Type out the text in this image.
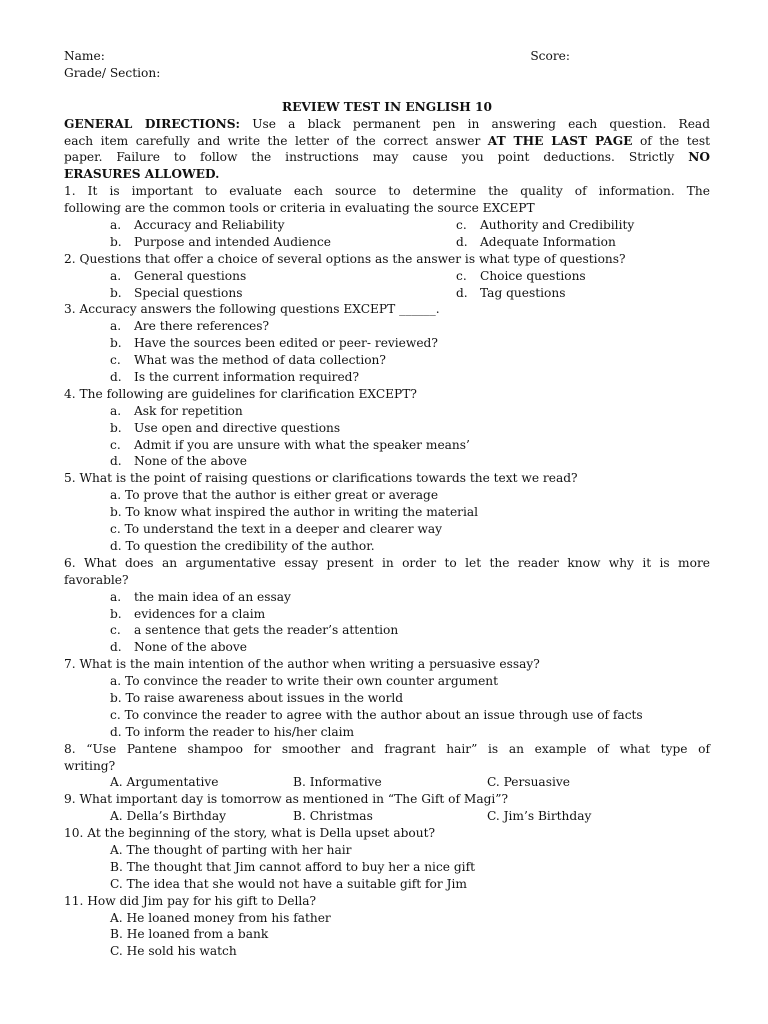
Name:	Score:
Grade/ Section:
REVIEW TEST IN ENGLISH 10
GENERAL DIRECTIONS: Use a black permanent pen in answering each question. Read
each item carefully and write the letter of the correct answer AT THE LAST PAGE of the test
paper. Failure to follow the instructions may cause you point deductions. Strictly NO
ERASURES ALLOWED.
1. It is important to evaluate each source to determine the quality of information. The
following are the common tools or criteria in evaluating the source EXCEPT
a. Accuracy and Reliability	c. Authority and Credibility
b. Purpose and intended Audience	d. Adequate Information
2. Questions that offer a choice of several options as the answer is what type of questions?
a. General questions	c. Choice questions
b. Special questions	d. Tag questions
3. Accuracy answers the following questions EXCEPT ______.
a. Are there references?
b. Have the sources been edited or peer- reviewed?
c. What was the method of data collection?
d. Is the current information required?
4. The following are guidelines for clarification EXCEPT?
a. Ask for repetition
b. Use open and directive questions
c. Admit if you are unsure with what the speaker means’
d. None of the above
5. What is the point of raising questions or clarifications towards the text we read?
a. To prove that the author is either great or average
b. To know what inspired the author in writing the material
c. To understand the text in a deeper and clearer way
d. To question the credibility of the author.
6. What does an argumentative essay present in order to let the reader know why it is more
favorable?
a. the main idea of an essay
b. evidences for a claim
c. a sentence that gets the reader’s attention
d. None of the above
7. What is the main intention of the author when writing a persuasive essay?
a. To convince the reader to write their own counter argument
b. To raise awareness about issues in the world
c. To convince the reader to agree with the author about an issue through use of facts
d. To inform the reader to his/her claim
8. “Use Pantene shampoo for smoother and fragrant hair” is an example of what type of
writing?
A. Argumentative	B. Informative	C. Persuasive
9. What important day is tomorrow as mentioned in “The Gift of Magi”?
A. Della’s Birthday	B. Christmas	C. Jim’s Birthday
10. At the beginning of the story, what is Della upset about?
A. The thought of parting with her hair
B. The thought that Jim cannot afford to buy her a nice gift
C. The idea that she would not have a suitable gift for Jim
11. How did Jim pay for his gift to Della?
A. He loaned money from his father
B. He loaned from a bank
C. He sold his watch
